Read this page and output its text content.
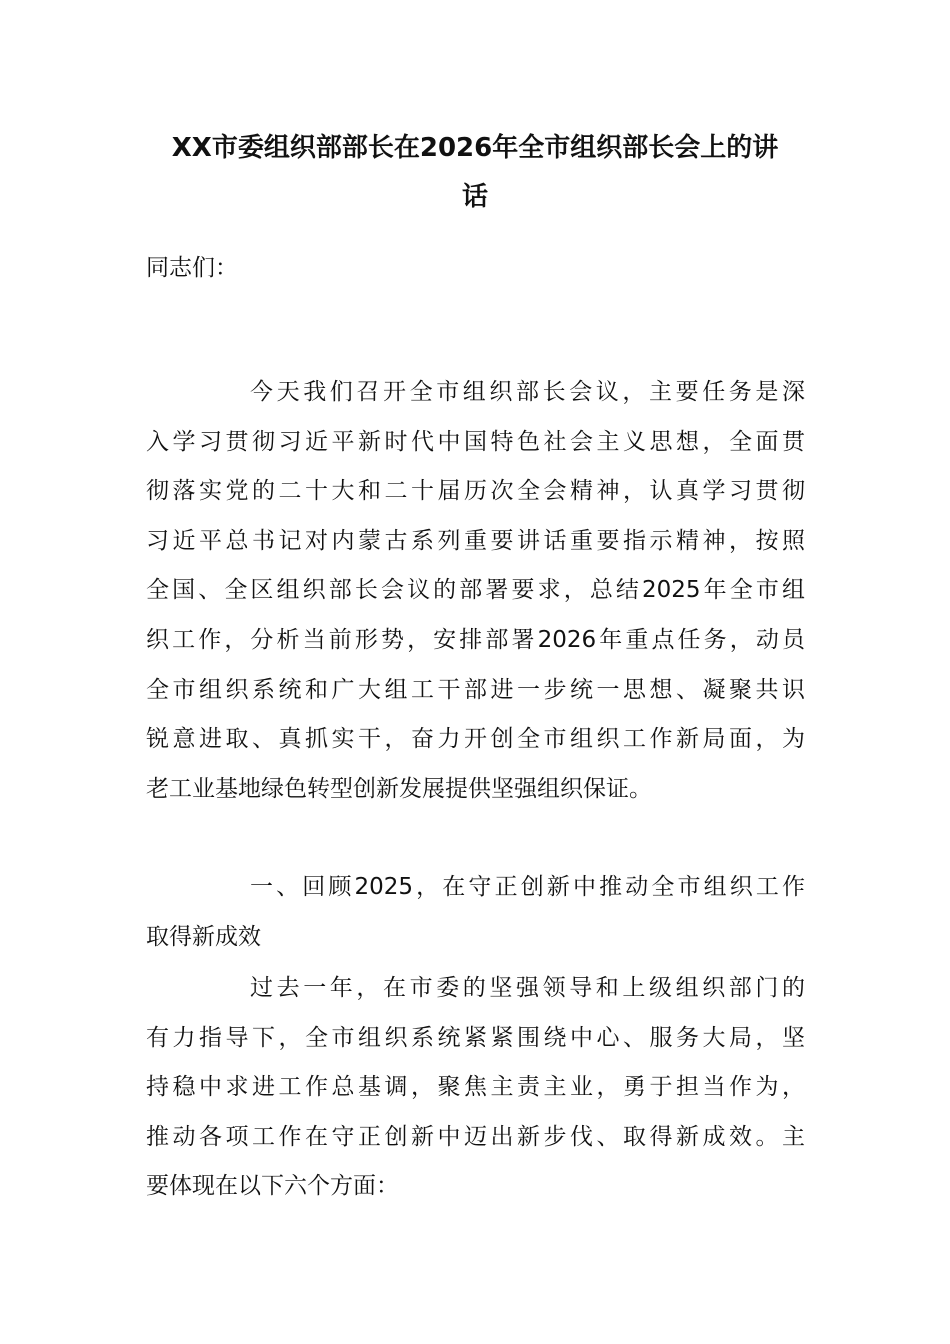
XX市委组织部部长在2026年全市组织部长会上的讲
话
同志们：
今天我们召开全市组织部长会议，主要任务是深
入学习贯彻习近平新时代中国特色社会主义思想，全面贯
彻落实党的二十大和二十届历次全会精神，认真学习贯彻
习近平总书记对内蒙古系列重要讲话重要指示精神，按照
全国、全区组织部长会议的部署要求，总结2025年全市组
织工作，分析当前形势，安排部署2026年重点任务，动员
全市组织系统和广大组工干部进一步统一思想、凝聚共识
锐意进取、真抓实干，奋力开创全市组织工作新局面，为
老工业基地绿色转型创新发展提供坚强组织保证。
一、回顾2025，在守正创新中推动全市组织工作
取得新成效
过去一年，在市委的坚强领导和上级组织部门的
有力指导下，全市组织系统紧紧围绕中心、服务大局，坚
持稳中求进工作总基调，聚焦主责主业，勇于担当作为，
推动各项工作在守正创新中迈出新步伐、取得新成效。主
要体现在以下六个方面：
